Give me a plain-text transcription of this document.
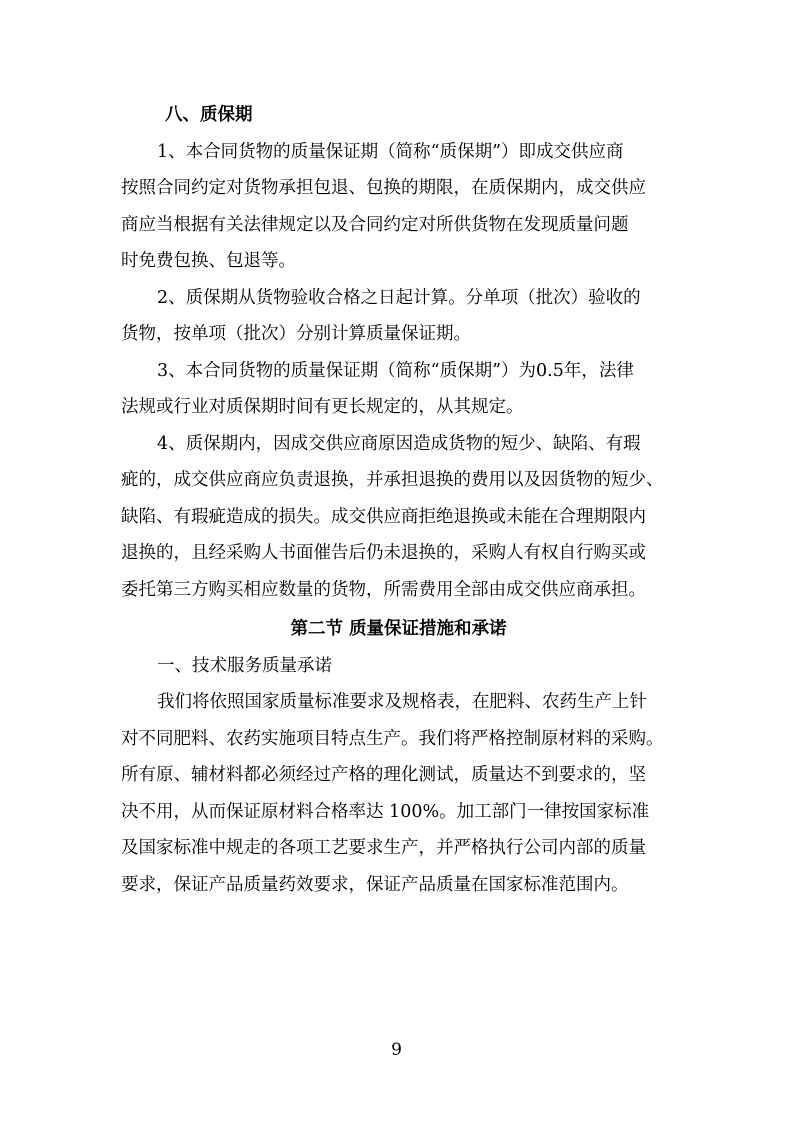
八、质保期
1、本合同货物的质量保证期（简称“质保期”）即成交供应商
按照合同约定对货物承担包退、包换的期限，在质保期内，成交供应
商应当根据有关法律规定以及合同约定对所供货物在发现质量问题
时免费包换、包退等。
2、质保期从货物验收合格之日起计算。分单项（批次）验收的
货物，按单项（批次）分别计算质量保证期。
3、本合同货物的质量保证期（简称“质保期”）为0.5年，法律
法规或行业对质保期时间有更长规定的，从其规定。
4、质保期内，因成交供应商原因造成货物的短少、缺陷、有瑕
疵的，成交供应商应负责退换，并承担退换的费用以及因货物的短少、
缺陷、有瑕疵造成的损失。成交供应商拒绝退换或未能在合理期限内
退换的，且经采购人书面催告后仍未退换的，采购人有权自行购买或
委托第三方购买相应数量的货物，所需费用全部由成交供应商承担。
第二节 质量保证措施和承诺
一、技术服务质量承诺
我们将依照国家质量标准要求及规格表，在肥料、农药生产上针
对不同肥料、农药实施项目特点生产。我们将严格控制原材料的采购。
所有原、辅材料都必须经过产格的理化测试，质量达不到要求的，坚
决不用，从而保证原材料合格率达 100%。加工部门一律按国家标准
及国家标准中规走的各项工艺要求生产，并严格执行公司内部的质量
要求，保证产品质量药效要求，保证产品质量在国家标准范围内。
9
